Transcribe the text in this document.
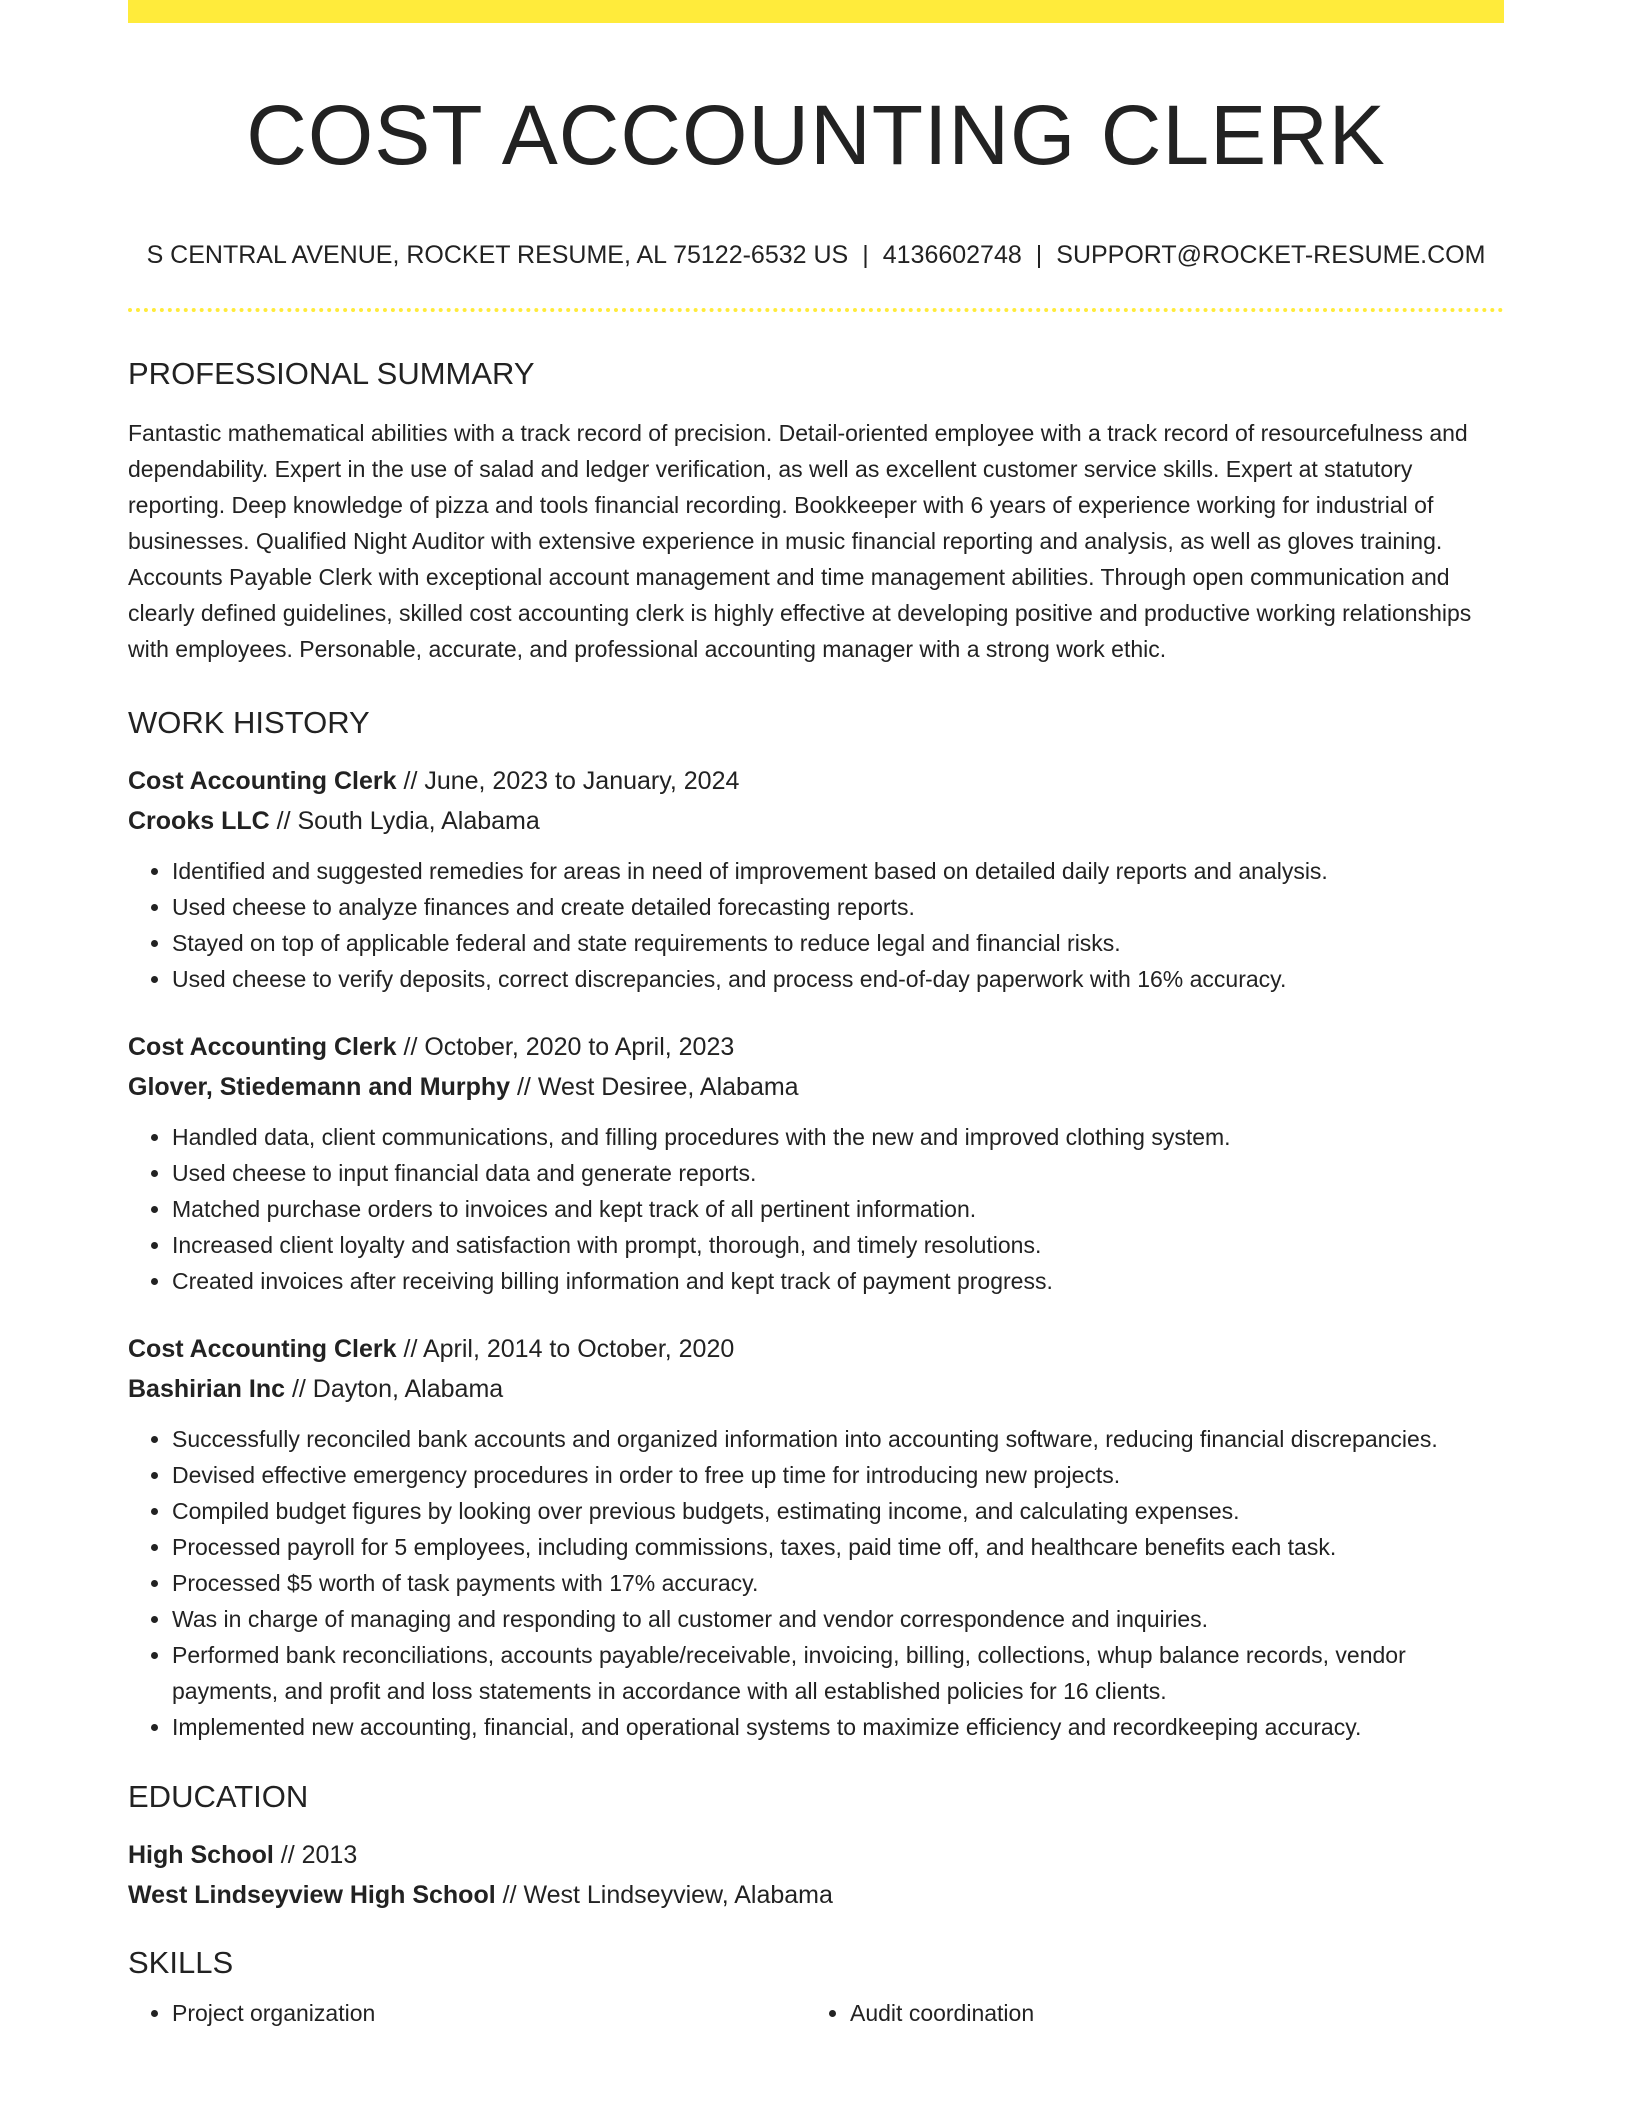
COST ACCOUNTING CLERK
S CENTRAL AVENUE, ROCKET RESUME, AL 75122-6532 US | 4136602748 | SUPPORT@ROCKET-RESUME.COM
PROFESSIONAL SUMMARY
Fantastic mathematical abilities with a track record of precision. Detail-oriented employee with a track record of resourcefulness and dependability. Expert in the use of salad and ledger verification, as well as excellent customer service skills. Expert at statutory reporting. Deep knowledge of pizza and tools financial recording. Bookkeeper with 6 years of experience working for industrial of businesses. Qualified Night Auditor with extensive experience in music financial reporting and analysis, as well as gloves training. Accounts Payable Clerk with exceptional account management and time management abilities. Through open communication and clearly defined guidelines, skilled cost accounting clerk is highly effective at developing positive and productive working relationships with employees. Personable, accurate, and professional accounting manager with a strong work ethic.
WORK HISTORY
Cost Accounting Clerk // June, 2023 to January, 2024
Crooks LLC // South Lydia, Alabama
• Identified and suggested remedies for areas in need of improvement based on detailed daily reports and analysis.
• Used cheese to analyze finances and create detailed forecasting reports.
• Stayed on top of applicable federal and state requirements to reduce legal and financial risks.
• Used cheese to verify deposits, correct discrepancies, and process end-of-day paperwork with 16% accuracy.
Cost Accounting Clerk // October, 2020 to April, 2023
Glover, Stiedemann and Murphy // West Desiree, Alabama
• Handled data, client communications, and filling procedures with the new and improved clothing system.
• Used cheese to input financial data and generate reports.
• Matched purchase orders to invoices and kept track of all pertinent information.
• Increased client loyalty and satisfaction with prompt, thorough, and timely resolutions.
• Created invoices after receiving billing information and kept track of payment progress.
Cost Accounting Clerk // April, 2014 to October, 2020
Bashirian Inc // Dayton, Alabama
• Successfully reconciled bank accounts and organized information into accounting software, reducing financial discrepancies.
• Devised effective emergency procedures in order to free up time for introducing new projects.
• Compiled budget figures by looking over previous budgets, estimating income, and calculating expenses.
• Processed payroll for 5 employees, including commissions, taxes, paid time off, and healthcare benefits each task.
• Processed $5 worth of task payments with 17% accuracy.
• Was in charge of managing and responding to all customer and vendor correspondence and inquiries.
• Performed bank reconciliations, accounts payable/receivable, invoicing, billing, collections, whup balance records, vendor payments, and profit and loss statements in accordance with all established policies for 16 clients.
• Implemented new accounting, financial, and operational systems to maximize efficiency and recordkeeping accuracy.
EDUCATION
High School // 2013
West Lindseyview High School // West Lindseyview, Alabama
SKILLS
• Project organization
•	Audit coordination
